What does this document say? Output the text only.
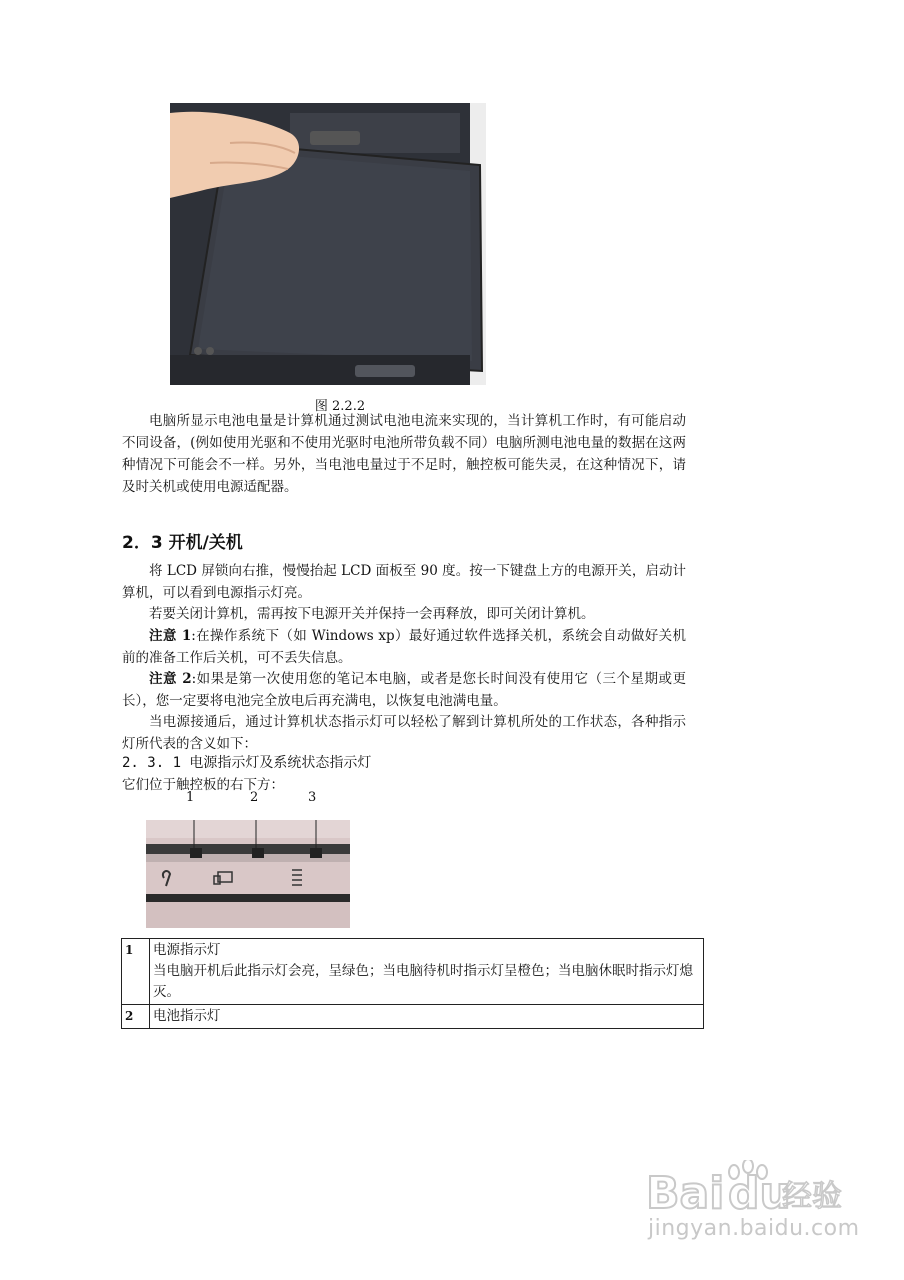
图 2.2.2
电脑所显示电池电量是计算机通过测试电池电流来实现的，当计算机工作时，有可能启动不同设备，(例如使用光驱和不使用光驱时电池所带负载不同）电脑所测电池电量的数据在这两种情况下可能会不一样。另外，当电池电量过于不足时，触控板可能失灵，在这种情况下，请及时关机或使用电源适配器。
2．3 开机/关机
将 LCD 屏锁向右推，慢慢抬起 LCD 面板至 90 度。按一下键盘上方的电源开关，启动计算机，可以看到电源指示灯亮。
若要关闭计算机，需再按下电源开关并保持一会再释放，即可关闭计算机。
注意 1:在操作系统下（如 Windows xp）最好通过软件选择关机，系统会自动做好关机前的准备工作后关机，可不丢失信息。
注意 2:如果是第一次使用您的笔记本电脑，或者是您长时间没有使用它（三个星期或更长），您一定要将电池完全放电后再充满电，以恢复电池满电量。
当电源接通后，通过计算机状态指示灯可以轻松了解到计算机所处的工作状态，各种指示灯所代表的含义如下：
2. 3. 1 电源指示灯及系统状态指示灯
它们位于触控板的右下方：
1	2	3
1	电源指示灯
当电脑开机后此指示灯会亮，呈绿色；当电脑待机时指示灯呈橙色；当电脑休眠时指示灯熄灭。

2	电池指示灯
Bai du
经验
jingyan.baidu.com
